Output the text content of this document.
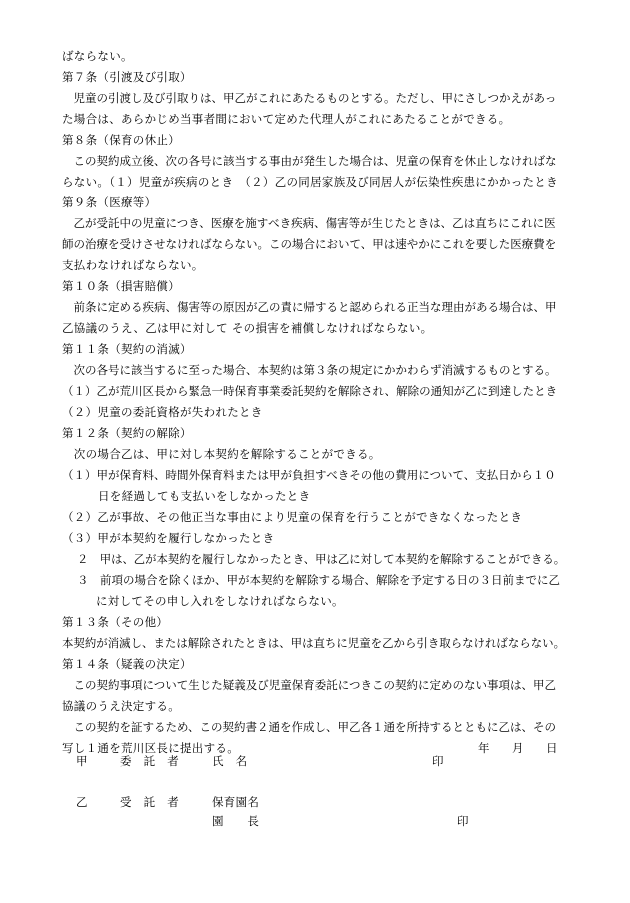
ばならない。
第７条（引渡及び引取）
　児童の引渡し及び引取りは、甲乙がこれにあたるものとする。ただし、甲にさしつかえがあっ
た場合は、あらかじめ当事者間において定めた代理人がこれにあたることができる。
第８条（保育の休止）
　この契約成立後、次の各号に該当する事由が発生した場合は、児童の保育を休止しなければな
らない。（１）児童が疾病のとき　（２）乙の同居家族及び同居人が伝染性疾患にかかったとき
第９条（医療等）
　乙が受託中の児童につき、医療を施すべき疾病、傷害等が生じたときは、乙は直ちにこれに医
師の治療を受けさせなければならない。この場合において、甲は速やかにこれを要した医療費を
支払わなければならない。
第１０条（損害賠償）
　前条に定める疾病、傷害等の原因が乙の責に帰すると認められる正当な理由がある場合は、甲
乙協議のうえ、乙は甲に対して その損害を補償しなければならない。
第１１条（契約の消滅）
　次の各号に該当するに至った場合、本契約は第３条の規定にかかわらず消滅するものとする。
（１）乙が荒川区長から緊急一時保育事業委託契約を解除され、解除の通知が乙に到達したとき
（２）児童の委託資格が失われたとき
第１２条（契約の解除）
　次の場合乙は、甲に対し本契約を解除することができる。
（１）甲が保育料、時間外保育料または甲が負担すべきその他の費用について、支払日から１０
日を経過しても支払いをしなかったとき
（２）乙が事故、その他正当な事由により児童の保育を行うことができなくなったとき
（３）甲が本契約を履行しなかったとき
２　甲は、乙が本契約を履行しなかったとき、甲は乙に対して本契約を解除することができる。
３　前項の場合を除くほか、甲が本契約を解除する場合、解除を予定する日の３日前までに乙
に対してその申し入れをしなければならない。
第１３条（その他）
本契約が消滅し、または解除されたときは、甲は直ちに児童を乙から引き取らなければならない。
第１４条（疑義の決定）
　この契約事項について生じた疑義及び児童保育委託につきこの契約に定めのない事項は、甲乙
協議のうえ決定する。
　この契約を証するため、この契約書２通を作成し、甲乙各１通を所持するとともに乙は、その
写し１通を荒川区長に提出する。	年 月 日
甲	委　託　者	氏　名	印
乙	受　託　者	保育園名
園　　長	印
